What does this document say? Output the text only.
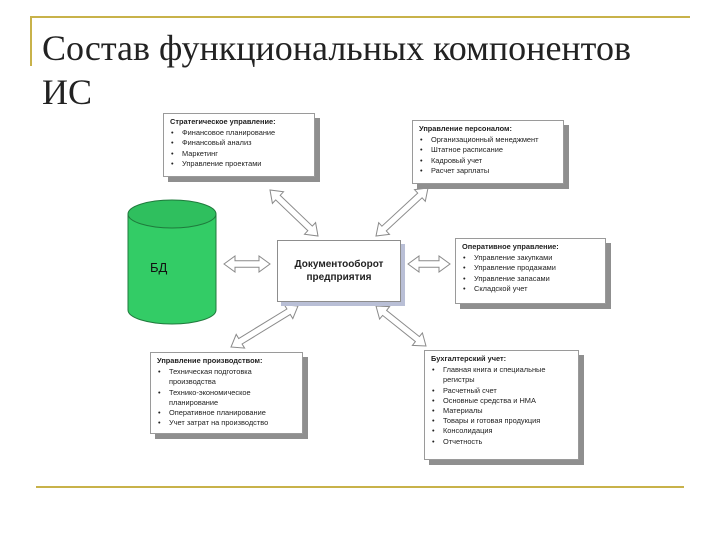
Состав функциональных компонентов ИС
БД	Документооборот
предприятия
Стратегическое управление:
• Финансовое планирование
• Финансовый анализ
• Маркетинг
• Управление проектами
Управление персоналом:
• Организационный менеджмент
• Штатное расписание
• Кадровый учет
• Расчет зарплаты
Оперативное управление:
• Управление закупками
• Управление продажами
• Управление запасами
• Складской учет
Управление производством:
• Техническая подготовка производства
• Технико-экономическое планирование
• Оперативное планирование
• Учет затрат на производство
Бухгалтерский учет:
• Главная книга и специальные регистры
• Расчетный счет
• Основные средства и НМА
• Материалы
• Товары и готовая продукция
• Консолидация
• Отчетность
